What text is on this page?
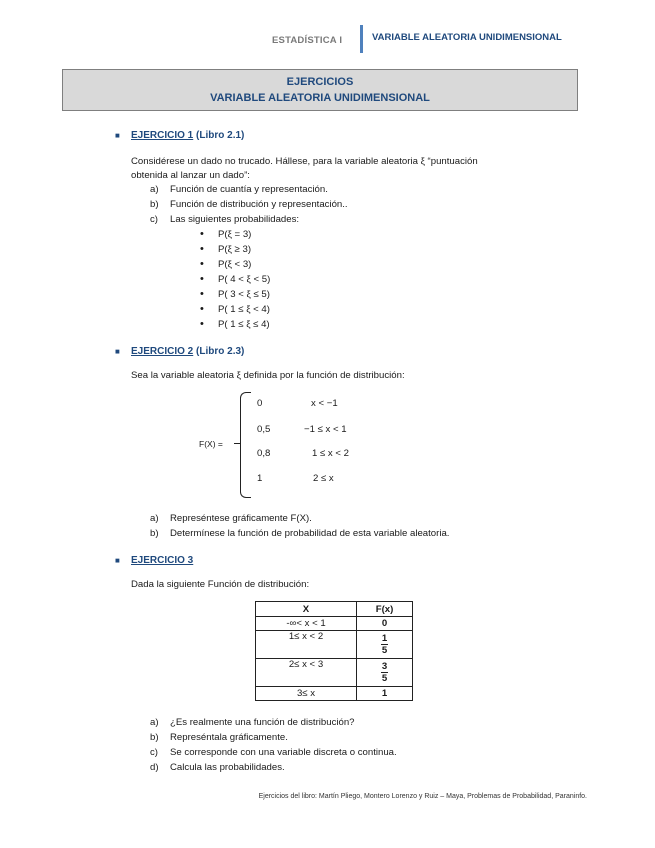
ESTADÍSTICA I	VARIABLE ALEATORIA UNIDIMENSIONAL
EJERCICIOS
VARIABLE ALEATORIA UNIDIMENSIONAL
■ EJERCICIO 1 (Libro 2.1)
Considérese un dado no trucado. Hállese, para la variable aleatoria ξ “puntuación
obtenida al lanzar un dado”:
a) Función de cuantía y representación.
b) Función de distribución y representación..
c) Las siguientes probabilidades:
• P(ξ = 3)
• P(ξ ≥ 3)
• P(ξ < 3)
• P( 4 < ξ < 5)
• P( 3 < ξ ≤ 5)
• P( 1 ≤ ξ < 4)
• P( 1 ≤ ξ ≤ 4)
■ EJERCICIO 2 (Libro 2.3)
Sea la variable aleatoria ξ definida por la función de distribución:
F(X) =
0	x < −1
0,5	−1 ≤ x < 1
0,8	1 ≤ x < 2
1	2 ≤ x
a) Represéntese gráficamente F(X).
b) Determínese la función de probabilidad de esta variable aleatoria.
■ EJERCICIO 3
Dada la siguiente Función de distribución:
X	F(x)
-∞< x < 1	0
1≤ x < 2	$\frac{1}{5}$

2≤ x < 3	$\frac{3}{5}$

3≤ x	1
a) ¿Es realmente una función de distribución?
b) Represéntala gráficamente.
c) Se corresponde con una variable discreta o continua.
d) Calcula las probabilidades.
Ejercicios del libro: Martín Pliego, Montero Lorenzo y Ruiz – Maya, Problemas de Probabilidad, Paraninfo.
